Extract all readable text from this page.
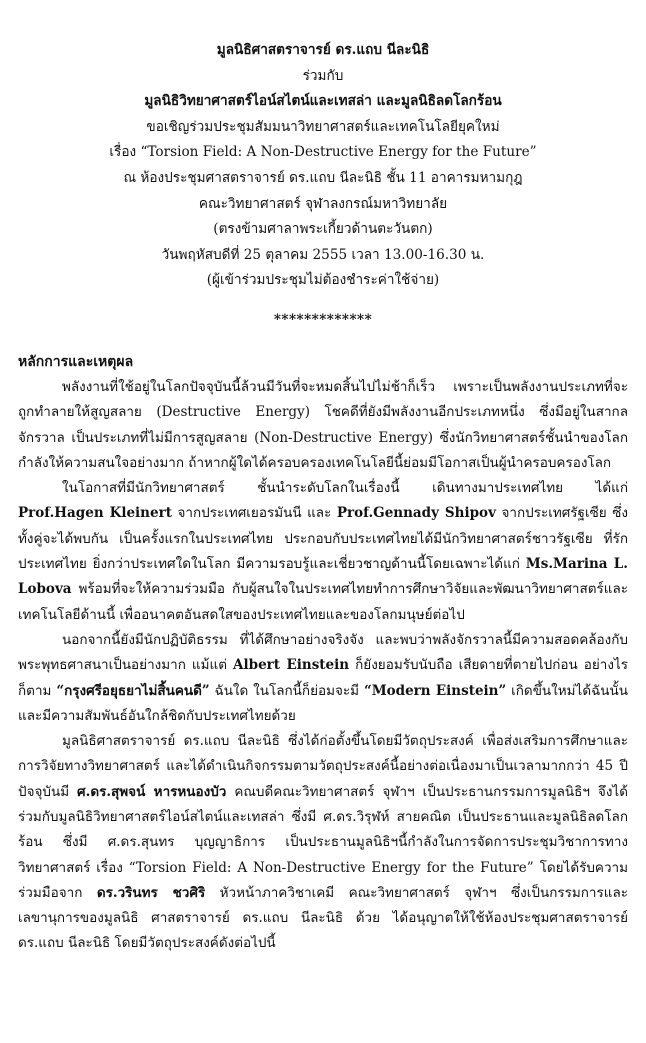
มูลนิธิศาสตราจารย์ ดร.แถบ นีละนิธิ

ร่วมกับ

มูลนิธิวิทยาศาสตร์ไอน์สไตน์และเทสล่า และมูลนิธิลดโลกร้อน

ขอเชิญร่วมประชุมสัมมนาวิทยาศาสตร์และเทคโนโลยียุคใหม่

เรื่อง “Torsion Field: A Non-Destructive Energy for the Future”

ณ ห้องประชุมศาสตราจารย์ ดร.แถบ นีละนิธิ ชั้น 11 อาคารมหามกุฎ

คณะวิทยาศาสตร์ จุฬาลงกรณ์มหาวิทยาลัย

(ตรงข้ามศาลาพระเกี้ยวด้านตะวันตก)

วันพฤหัสบดีที่ 25 ตุลาคม 2555 เวลา 13.00-16.30 น.

(ผู้เข้าร่วมประชุมไม่ต้องชำระค่าใช้จ่าย)

*************
หลักการและเหตุผล

พลังงานที่ใช้อยู่ในโลกปัจจุบันนี้ล้วนมีวันที่จะหมดสิ้นไปไม่ช้าก็เร็ว เพราะเป็นพลังงานประเภทที่จะถูกทำลายให้สูญสลาย (Destructive Energy) โชคดีที่ยังมีพลังงานอีกประเภทหนึ่ง ซึ่งมีอยู่ในสากลจักรวาล เป็นประเภทที่ไม่มีการสูญสลาย (Non-Destructive Energy) ซึ่งนักวิทยาศาสตร์ชั้นนำของโลกกำลังให้ความสนใจอย่างมาก ถ้าหากผู้ใดได้ครอบครองเทคโนโลยีนี้ย่อมมีโอกาสเป็นผู้นำครอบครองโลก

ในโอกาสที่มีนักวิทยาศาสตร์ ชั้นนำระดับโลกในเรื่องนี้ เดินทางมาประเทศไทย ได้แก่ Prof.Hagen Kleinert จากประเทศเยอรมันนี และ Prof.Gennady Shipov จากประเทศรัฐเซีย ซึ่งทั้งคู่จะได้พบกัน เป็นครั้งแรกในประเทศไทย ประกอบกับประเทศไทยได้มีนักวิทยาศาสตร์ชาวรัฐเซีย ที่รักประเทศไทย ยิ่งกว่าประเทศใดในโลก มีความรอบรู้และเชี่ยวชาญด้านนี้โดยเฉพาะได้แก่ Ms.Marina L. Lobova พร้อมที่จะให้ความร่วมมือ กับผู้สนใจในประเทศไทยทำการศึกษาวิจัยและพัฒนาวิทยาศาสตร์และเทคโนโลยีด้านนี้ เพื่ออนาคตอันสดใสของประเทศไทยและของโลกมนุษย์ต่อไป

นอกจากนี้ยังมีนักปฏิบัติธรรม ที่ได้ศึกษาอย่างจริงจัง และพบว่าพลังจักรวาลนี้มีความสอดคล้องกับพระพุทธศาสนาเป็นอย่างมาก แม้แต่ Albert Einstein ก็ยังยอมรับนับถือ เสียดายที่ตายไปก่อน อย่างไรก็ตาม “กรุงศรีอยุธยาไม่สิ้นคนดี” ฉันใด ในโลกนี้ก็ย่อมจะมี “Modern Einstein” เกิดขึ้นใหม่ได้ฉันนั้น และมีความสัมพันธ์อันใกล้ชิดกับประเทศไทยด้วย

มูลนิธิศาสตราจารย์ ดร.แถบ นีละนิธิ ซึ่งได้ก่อตั้งขึ้นโดยมีวัตถุประสงค์ เพื่อส่งเสริมการศึกษาและการวิจัยทางวิทยาศาสตร์ และได้ดำเนินกิจกรรมตามวัตถุประสงค์นี้อย่างต่อเนื่องมาเป็นเวลามากกว่า 45 ปี ปัจจุบันมี ศ.ดร.สุพจน์ หารหนองบัว คณบดีคณะวิทยาศาสตร์ จุฬาฯ เป็นประธานกรรมการมูลนิธิฯ จึงได้ร่วมกับมูลนิธิวิทยาศาสตร์ไอน์สไตน์และเทสล่า ซึ่งมี ศ.ดร.วิรุฬห์ สายคณิต เป็นประธานและมูลนิธิลดโลกร้อน ซึ่งมี ศ.ดร.สุนทร บุญญาธิการ เป็นประธานมูลนิธิฯนี้กำลังในการจัดการประชุมวิชาการทางวิทยาศาสตร์ เรื่อง “Torsion Field: A Non-Destructive Energy for the Future” โดยได้รับความร่วมมือจาก ดร.วรินทร ชวศิริ หัวหน้าภาควิชาเคมี คณะวิทยาศาสตร์ จุฬาฯ ซึ่งเป็นกรรมการและเลขานุการของมูลนิธิ ศาสตราจารย์ ดร.แถบ นีละนิธิ ด้วย ได้อนุญาตให้ใช้ห้องประชุมศาสตราจารย์ ดร.แถบ นีละนิธิ โดยมีวัตถุประสงค์ดังต่อไปนี้
